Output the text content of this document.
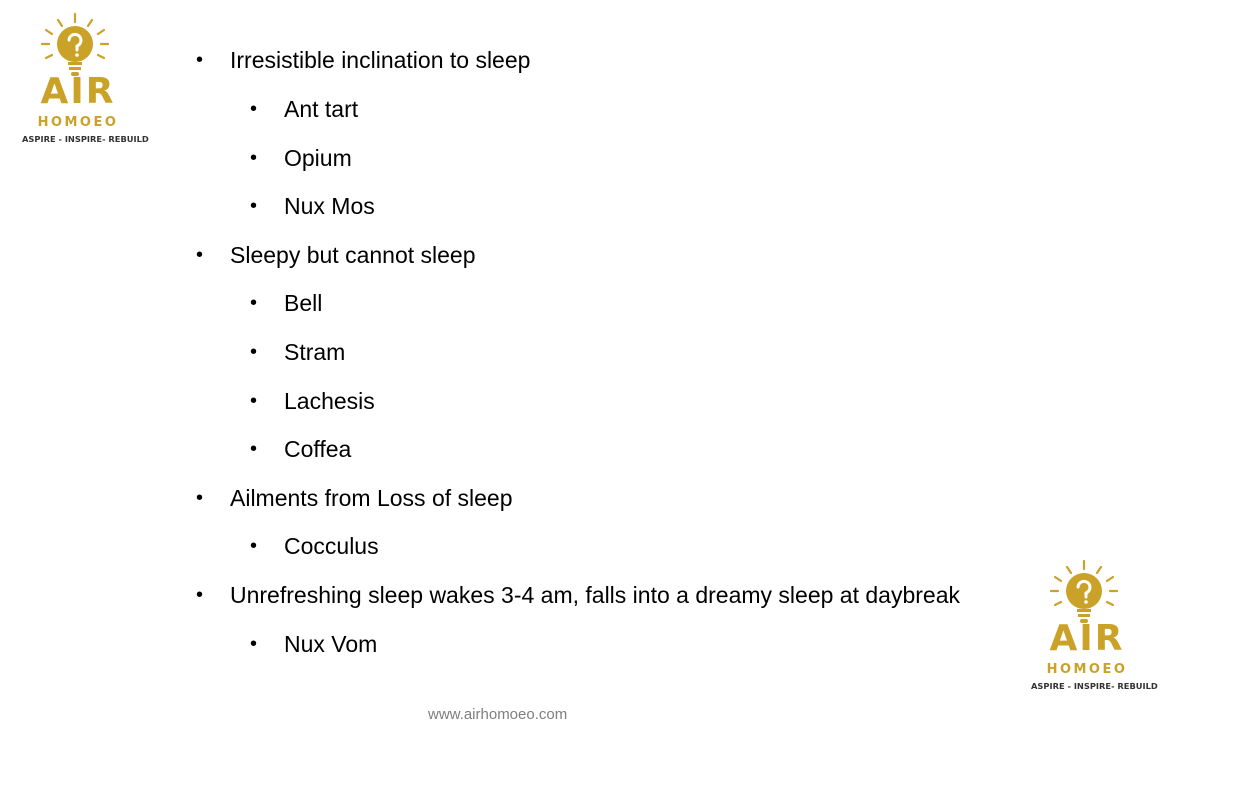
AIR
HOMOEO
ASPIRE - INSPIRE- REBUILD
• Irresistible inclination to sleep
• Ant tart
• Opium
• Nux Mos
• Sleepy but cannot sleep
• Bell
• Stram
• Lachesis
• Coffea
• Ailments from Loss of sleep
• Cocculus
• Unrefreshing sleep wakes 3-4 am, falls into a dreamy sleep at daybreak
• Nux Vom	AIR
HOMOEO
ASPIRE - INSPIRE- REBUILD
www.airhomoeo.com
